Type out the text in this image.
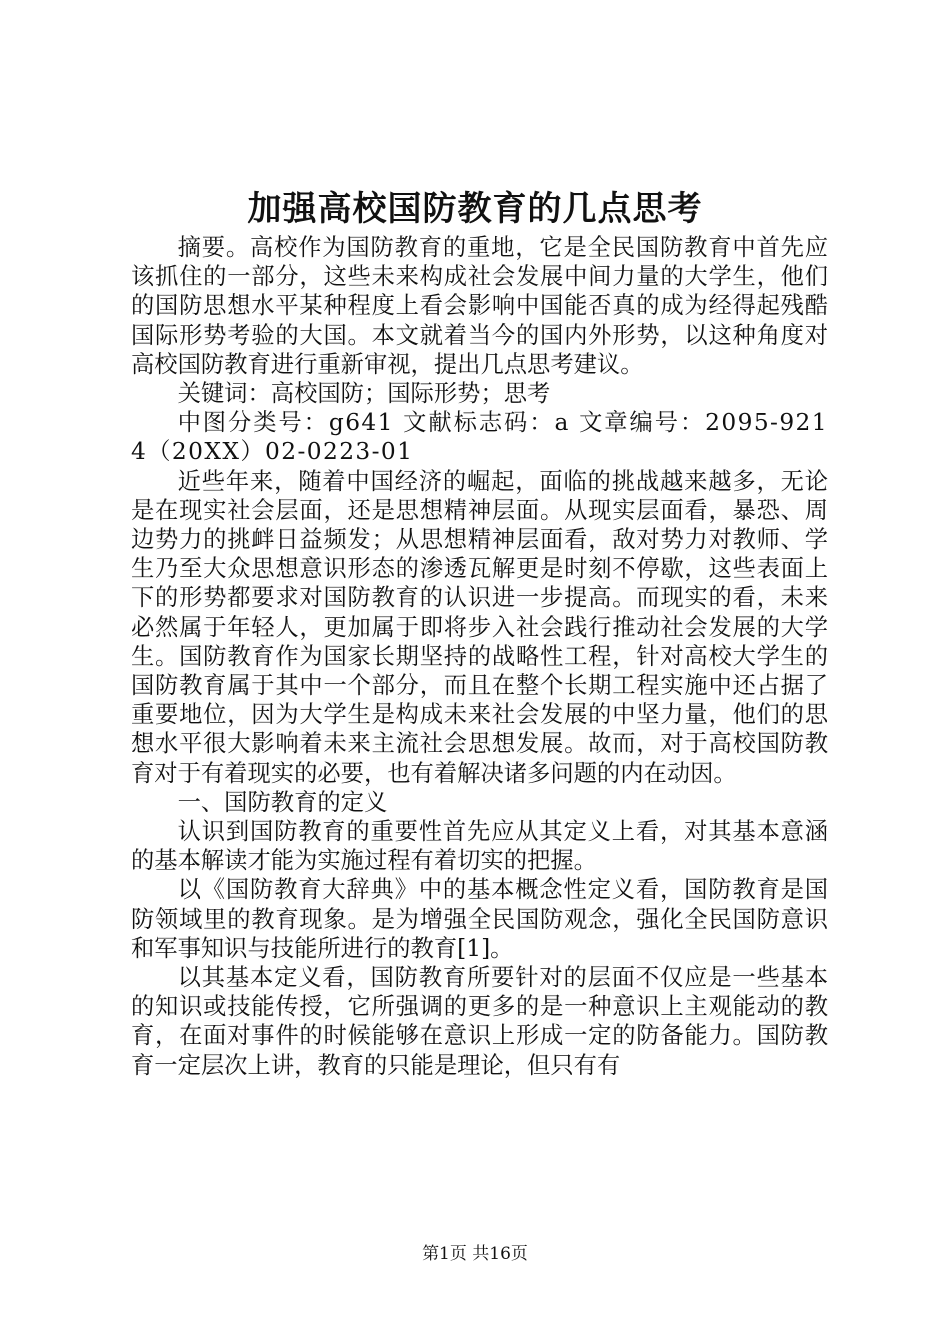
加强高校国防教育的几点思考

摘要。高校作为国防教育的重地，它是全民国防教育中首先应该抓住的一部分，这些未来构成社会发展中间力量的大学生，他们的国防思想水平某种程度上看会影响中国能否真的成为经得起残酷国际形势考验的大国。本文就着当今的国内外形势，以这种角度对高校国防教育进行重新审视，提出几点思考建议。

关键词：高校国防；国际形势；思考

中图分类号：g641 文献标志码：a 文章编号：2095-9214（20XX）02-0223-01

近些年来，随着中国经济的崛起，面临的挑战越来越多，无论是在现实社会层面，还是思想精神层面。从现实层面看，暴恐、周边势力的挑衅日益频发；从思想精神层面看，敌对势力对教师、学生乃至大众思想意识形态的渗透瓦解更是时刻不停歇，这些表面上下的形势都要求对国防教育的认识进一步提高。而现实的看，未来必然属于年轻人，更加属于即将步入社会践行推动社会发展的大学生。国防教育作为国家长期坚持的战略性工程，针对高校大学生的国防教育属于其中一个部分，而且在整个长期工程实施中还占据了重要地位，因为大学生是构成未来社会发展的中坚力量，他们的思想水平很大影响着未来主流社会思想发展。故而，对于高校国防教育对于有着现实的必要，也有着解决诸多问题的内在动因。

一、国防教育的定义

认识到国防教育的重要性首先应从其定义上看，对其基本意涵的基本解读才能为实施过程有着切实的把握。

以《国防教育大辞典》中的基本概念性定义看，国防教育是国防领域里的教育现象。是为增强全民国防观念，强化全民国防意识和军事知识与技能所进行的教育[1]。

以其基本定义看，国防教育所要针对的层面不仅应是一些基本的知识或技能传授，它所强调的更多的是一种意识上主观能动的教育，在面对事件的时候能够在意识上形成一定的防备能力。国防教育一定层次上讲，教育的只能是理论，但只有有

第1页 共16页
